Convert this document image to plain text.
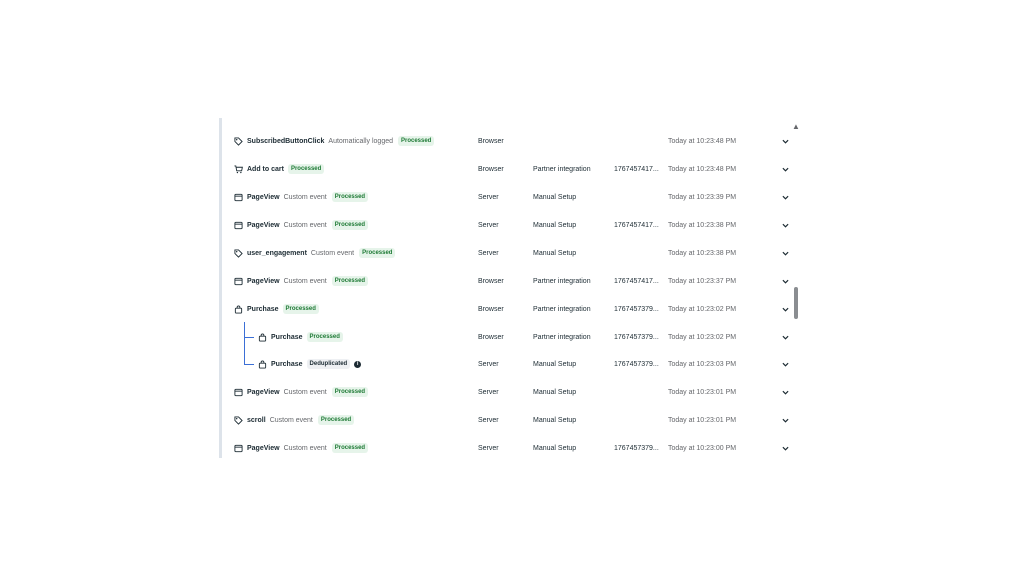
▲
SubscribedButtonClick Automatically logged	Processed	Browser	Today at 10:23:48 PM
Add to cart	Processed	Browser	Partner integration	1767457417... Today at 10:23:48 PM
PageView Custom event	Processed	Server	Manual Setup	Today at 10:23:39 PM
PageView Custom event	Processed	Server	Manual Setup	1767457417... Today at 10:23:38 PM
user_engagement Custom event	Processed	Server	Manual Setup	Today at 10:23:38 PM
PageView Custom event	Processed	Browser	Partner integration	1767457417... Today at 10:23:37 PM
Purchase	Processed	Browser	Partner integration	1767457379... Today at 10:23:02 PM
Purchase	Processed	Browser	Partner integration	1767457379... Today at 10:23:02 PM
Purchase	Deduplicated	i	Server	Manual Setup	1767457379... Today at 10:23:03 PM
PageView Custom event	Processed	Server	Manual Setup	Today at 10:23:01 PM
scroll Custom event	Processed	Server	Manual Setup	Today at 10:23:01 PM
PageView Custom event	Processed	Server	Manual Setup	1767457379... Today at 10:23:00 PM
